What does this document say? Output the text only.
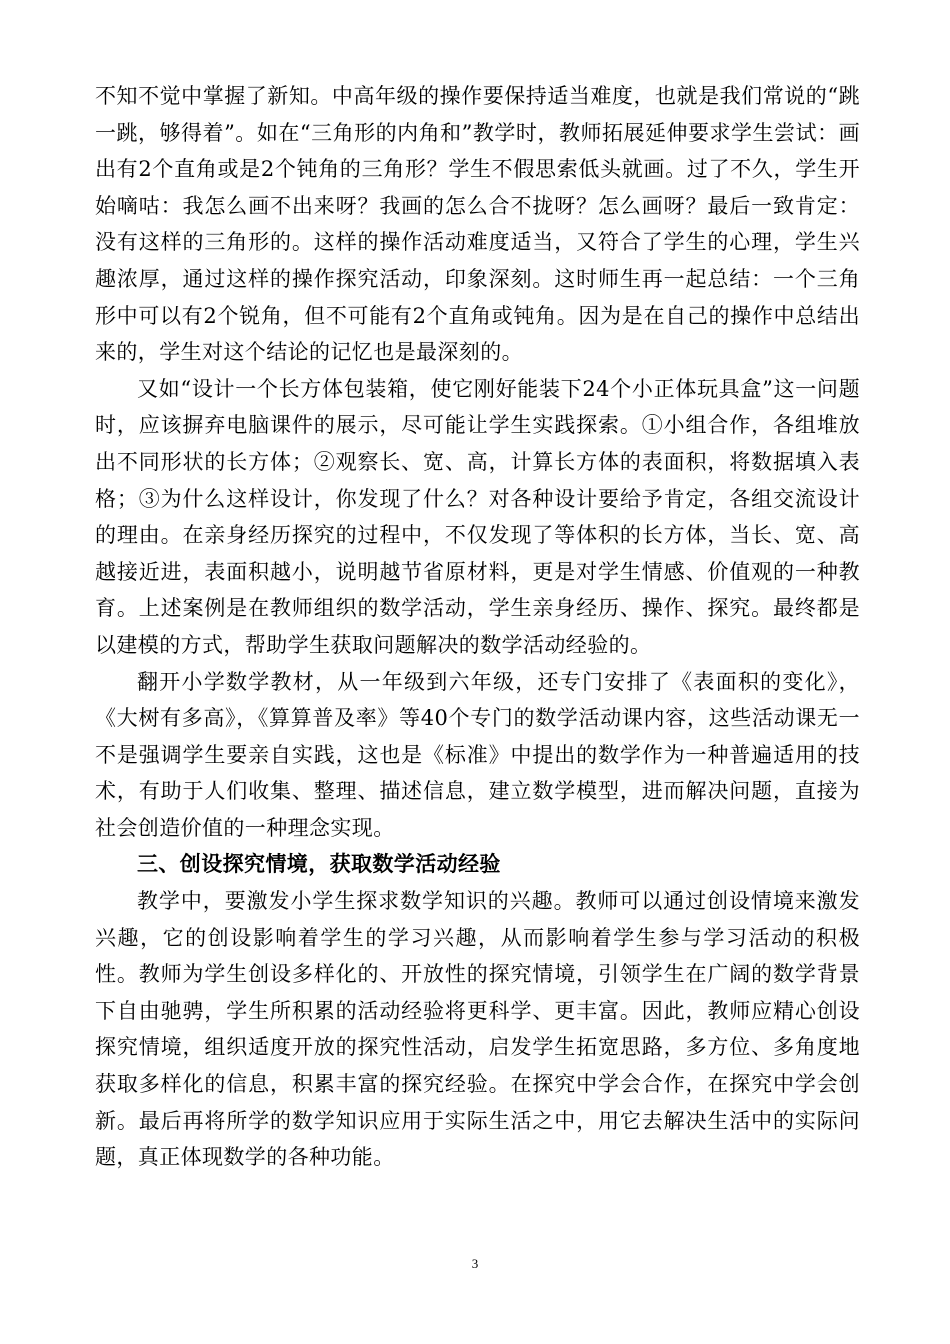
不知不觉中掌握了新知。中高年级的操作要保持适当难度，也就是我们常说的“跳一跳，够得着”。如在“三角形的内角和”教学时，教师拓展延伸要求学生尝试：画出有2个直角或是2个钝角的三角形？学生不假思索低头就画。过了不久，学生开始嘀咕：我怎么画不出来呀？我画的怎么合不拢呀？怎么画呀？最后一致肯定：没有这样的三角形的。这样的操作活动难度适当，又符合了学生的心理，学生兴趣浓厚，通过这样的操作探究活动，印象深刻。这时师生再一起总结：一个三角形中可以有2个锐角，但不可能有2个直角或钝角。因为是在自己的操作中总结出来的，学生对这个结论的记忆也是最深刻的。

又如“设计一个长方体包装箱，使它刚好能装下24个小正体玩具盒”这一问题时，应该摒弃电脑课件的展示，尽可能让学生实践探索。①小组合作，各组堆放出不同形状的长方体；②观察长、宽、高，计算长方体的表面积，将数据填入表格；③为什么这样设计，你发现了什么？对各种设计要给予肯定，各组交流设计的理由。在亲身经历探究的过程中，不仅发现了等体积的长方体，当长、宽、高越接近进，表面积越小，说明越节省原材料，更是对学生情感、价值观的一种教育。上述案例是在教师组织的数学活动，学生亲身经历、操作、探究。最终都是以建模的方式，帮助学生获取问题解决的数学活动经验的。

翻开小学数学教材，从一年级到六年级，还专门安排了《表面积的变化》，《大树有多高》，《算算普及率》等40个专门的数学活动课内容，这些活动课无一不是强调学生要亲自实践，这也是《标准》中提出的数学作为一种普遍适用的技术，有助于人们收集、整理、描述信息，建立数学模型，进而解决问题，直接为社会创造价值的一种理念实现。

三、创设探究情境，获取数学活动经验

教学中，要激发小学生探求数学知识的兴趣。教师可以通过创设情境来激发兴趣，它的创设影响着学生的学习兴趣，从而影响着学生参与学习活动的积极性。教师为学生创设多样化的、开放性的探究情境，引领学生在广阔的数学背景下自由驰骋，学生所积累的活动经验将更科学、更丰富。因此，教师应精心创设探究情境，组织适度开放的探究性活动，启发学生拓宽思路，多方位、多角度地获取多样化的信息，积累丰富的探究经验。在探究中学会合作，在探究中学会创新。最后再将所学的数学知识应用于实际生活之中，用它去解决生活中的实际问题，真正体现数学的各种功能。

3
